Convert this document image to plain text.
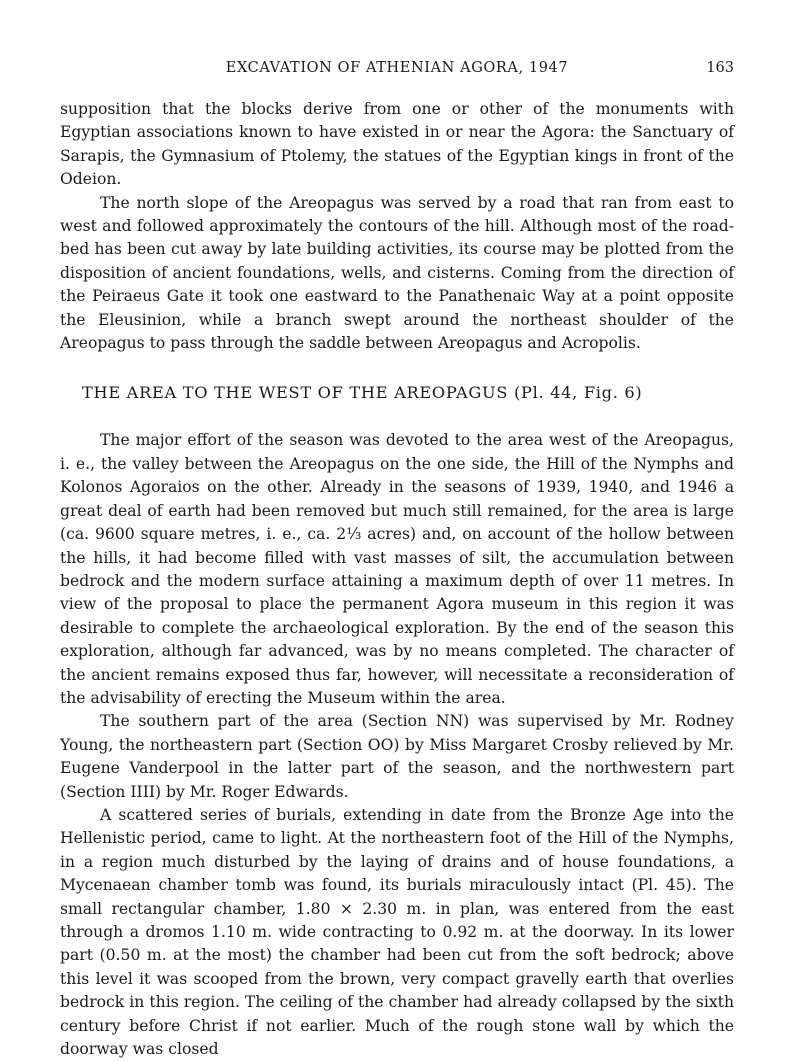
EXCAVATION OF ATHENIAN AGORA, 1947	163

supposition that the blocks derive from one or other of the monuments with Egyptian associations known to have existed in or near the Agora: the Sanctuary of Sarapis, the Gymnasium of Ptolemy, the statues of the Egyptian kings in front of the Odeion.

The north slope of the Areopagus was served by a road that ran from east to west and followed approximately the contours of the hill. Although most of the road-bed has been cut away by late building activities, its course may be plotted from the disposition of ancient foundations, wells, and cisterns. Coming from the direction of the Peiraeus Gate it took one eastward to the Panathenaic Way at a point opposite the Eleusinion, while a branch swept around the northeast shoulder of the Areopagus to pass through the saddle between Areopagus and Acropolis.

THE AREA TO THE WEST OF THE AREOPAGUS (Pl. 44, Fig. 6)

The major effort of the season was devoted to the area west of the Areopagus, i. e., the valley between the Areopagus on the one side, the Hill of the Nymphs and Kolonos Agoraios on the other. Already in the seasons of 1939, 1940, and 1946 a great deal of earth had been removed but much still remained, for the area is large (ca. 9600 square metres, i. e., ca. 2⅓ acres) and, on account of the hollow between the hills, it had become filled with vast masses of silt, the accumulation between bedrock and the modern surface attaining a maximum depth of over 11 metres. In view of the proposal to place the permanent Agora museum in this region it was desirable to complete the archaeological exploration. By the end of the season this exploration, although far advanced, was by no means completed. The character of the ancient remains exposed thus far, however, will necessitate a reconsideration of the advisability of erecting the Museum within the area.

The southern part of the area (Section NN) was supervised by Mr. Rodney Young, the northeastern part (Section OO) by Miss Margaret Crosby relieved by Mr. Eugene Vanderpool in the latter part of the season, and the northwestern part (Section IIII) by Mr. Roger Edwards.

A scattered series of burials, extending in date from the Bronze Age into the Hellenistic period, came to light. At the northeastern foot of the Hill of the Nymphs, in a region much disturbed by the laying of drains and of house foundations, a Mycenaean chamber tomb was found, its burials miraculously intact (Pl. 45). The small rectangular chamber, 1.80 × 2.30 m. in plan, was entered from the east through a dromos 1.10 m. wide contracting to 0.92 m. at the doorway. In its lower part (0.50 m. at the most) the chamber had been cut from the soft bedrock; above this level it was scooped from the brown, very compact gravelly earth that overlies bedrock in this region. The ceiling of the chamber had already collapsed by the sixth century before Christ if not earlier. Much of the rough stone wall by which the doorway was closed
